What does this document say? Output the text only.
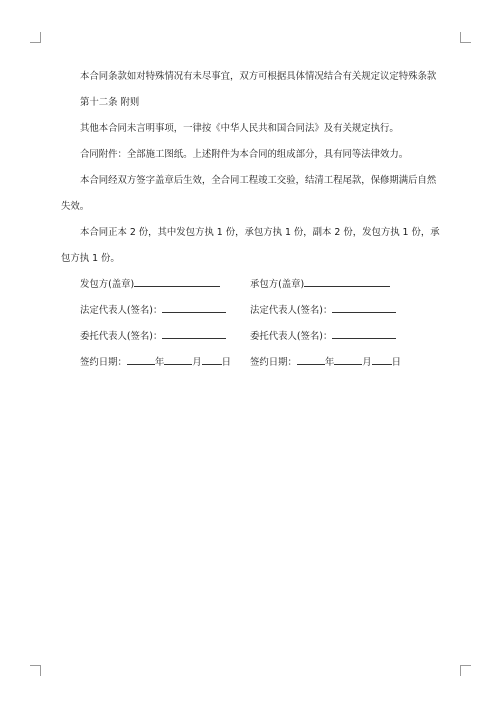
本合同条款如对特殊情况有未尽事宜，双方可根据具体情况结合有关规定议定特殊条款

第十二条 附则

其他本合同未言明事项，一律按《中华人民共和国合同法》及有关规定执行。

合同附件：全部施工图纸。上述附件为本合同的组成部分，具有同等法律效力。

本合同经双方签字盖章后生效，全合同工程竣工交验，结清工程尾款，保修期满后自然失效。

本合同正本 2 份，其中发包方执 1 份，承包方执 1 份，副本 2 份，发包方执 1 份，承包方执 1 份。

发包方(盖章)	承包方(盖章)
法定代表人(签名)：	法定代表人(签名)：
委托代表人(签名)：	委托代表人(签名)：
签约日期：	年	月 日 签约日期：	年	月 日
